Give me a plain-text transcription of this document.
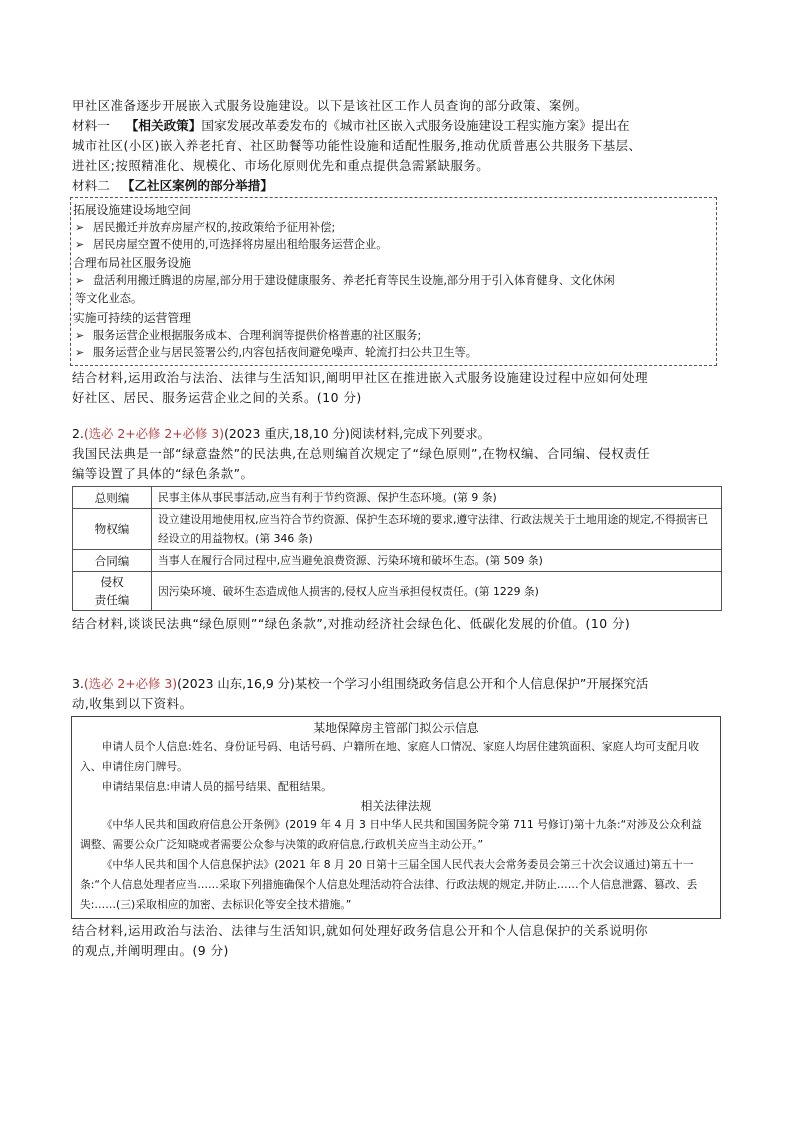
甲社区准备逐步开展嵌入式服务设施建设。以下是该社区工作人员查询的部分政策、案例。

材料一 【相关政策】国家发展改革委发布的《城市社区嵌入式服务设施建设工程实施方案》提出在

城市社区(小区)嵌入养老托育、社区助餐等功能性设施和适配性服务,推动优质普惠公共服务下基层、

进社区;按照精准化、规模化、市场化原则优先和重点提供急需紧缺服务。

材料二 【乙社区案例的部分举措】

拓展设施建设场地空间

➢ 居民搬迁并放弃房屋产权的,按政策给予征用补偿;

➢ 居民房屋空置不使用的,可选择将房屋出租给服务运营企业。

合理布局社区服务设施

➢ 盘活利用搬迁腾退的房屋,部分用于建设健康服务、养老托育等民生设施,部分用于引入体育健身、文化休闲

等文化业态。

实施可持续的运营管理

➢ 服务运营企业根据服务成本、合理利润等提供价格普惠的社区服务;

➢ 服务运营企业与居民签署公约,内容包括夜间避免噪声、轮流打扫公共卫生等。

结合材料,运用政治与法治、法律与生活知识,阐明甲社区在推进嵌入式服务设施建设过程中应如何处理

好社区、居民、服务运营企业之间的关系。(10 分)

2.(选必 2+必修 2+必修 3)(2023 重庆,18,10 分)阅读材料,完成下列要求。

我国民法典是一部“绿意盎然”的民法典,在总则编首次规定了“绿色原则”,在物权编、合同编、侵权责任

编等设置了具体的“绿色条款”。

总则编	民事主体从事民事活动,应当有利于节约资源、保护生态环境。(第 9 条)
物权编	设立建设用地使用权,应当符合节约资源、保护生态环境的要求,遵守法律、行政法规关于土地用途的规定,不得损害已经设立的用益物权。(第 346 条)
合同编	当事人在履行合同过程中,应当避免浪费资源、污染环境和破坏生态。(第 509 条)
侵权
责任编	因污染环境、破坏生态造成他人损害的,侵权人应当承担侵权责任。(第 1229 条)

结合材料,谈谈民法典“绿色原则”“绿色条款”,对推动经济社会绿色化、低碳化发展的价值。(10 分)

3.(选必 2+必修 3)(2023 山东,16,9 分)某校一个学习小组围绕政务信息公开和个人信息保护”开展探究活

动,收集到以下资料。

某地保障房主管部门拟公示信息

申请人员个人信息:姓名、身份证号码、电话号码、户籍所在地、家庭人口情况、家庭人均居住建筑面积、家庭人均可支配月收入、申请住房门牌号。

申请结果信息:申请人员的摇号结果、配租结果。

相关法律法规

《中华人民共和国政府信息公开条例》(2019 年 4 月 3 日中华人民共和国国务院令第 711 号修订)第十九条:“对涉及公众利益调整、需要公众广泛知晓或者需要公众参与决策的政府信息,行政机关应当主动公开。”

《中华人民共和国个人信息保护法》(2021 年 8 月 20 日第十三届全国人民代表大会常务委员会第三十次会议通过)第五十一条:“个人信息处理者应当……采取下列措施确保个人信息处理活动符合法律、行政法规的规定,并防止……个人信息泄露、篡改、丢失:……(三)采取相应的加密、去标识化等安全技术措施。”

结合材料,运用政治与法治、法律与生活知识,就如何处理好政务信息公开和个人信息保护的关系说明你

的观点,并阐明理由。(9 分)
